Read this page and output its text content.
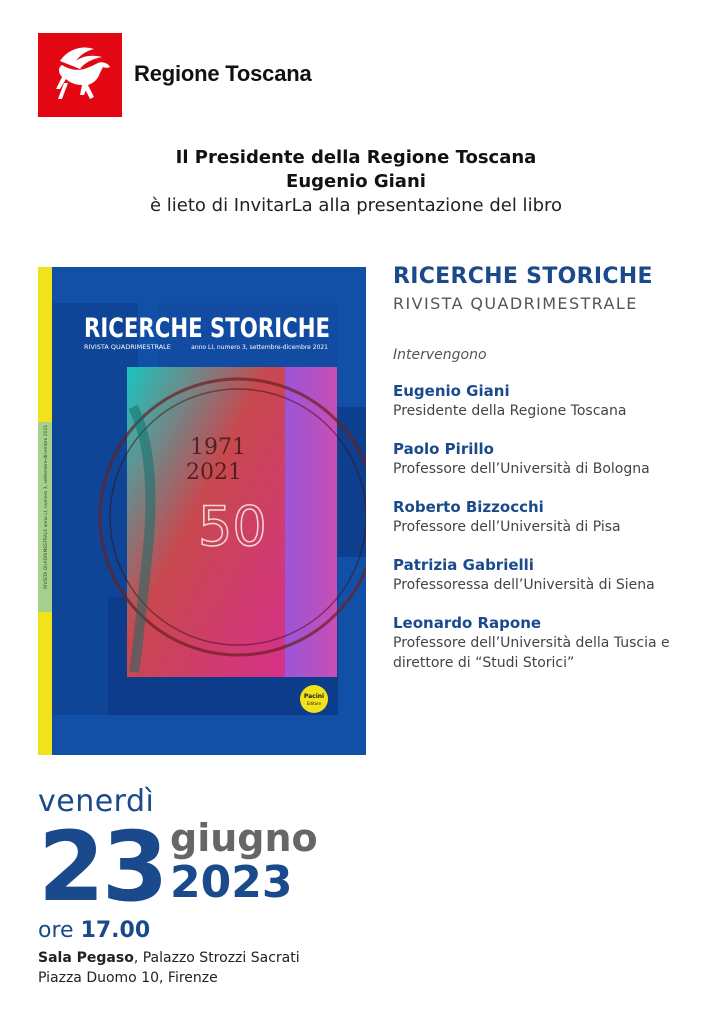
Regione Toscana
Il Presidente della Regione Toscana
Eugenio Giani
è lieto di InvitarLa alla presentazione del libro
1971
2021
50
RICERCHE STORICHE
RIVISTA QUADRIMESTRALE	anno LI, numero 3, settembre-dicembre 2021
RIVISTA QUADRIMESTRALE anno LI, numero 3, settembre-dicembre 2021
Pacini
Editore
RICERCHE STORICHE
RIVISTA QUADRIMESTRALE
Intervengono
Eugenio Giani
Presidente della Regione Toscana
Paolo Pirillo
Professore dell’Università di Bologna
Roberto Bizzocchi
Professore dell’Università di Pisa
Patrizia Gabrielli
Professoressa dell’Università di Siena
Leonardo Rapone
Professore dell’Università della Tuscia e direttore di “Studi Storici”
venerdì
23 giugno
2023
ore 17.00
Sala Pegaso, Palazzo Strozzi Sacrati
Piazza Duomo 10, Firenze
